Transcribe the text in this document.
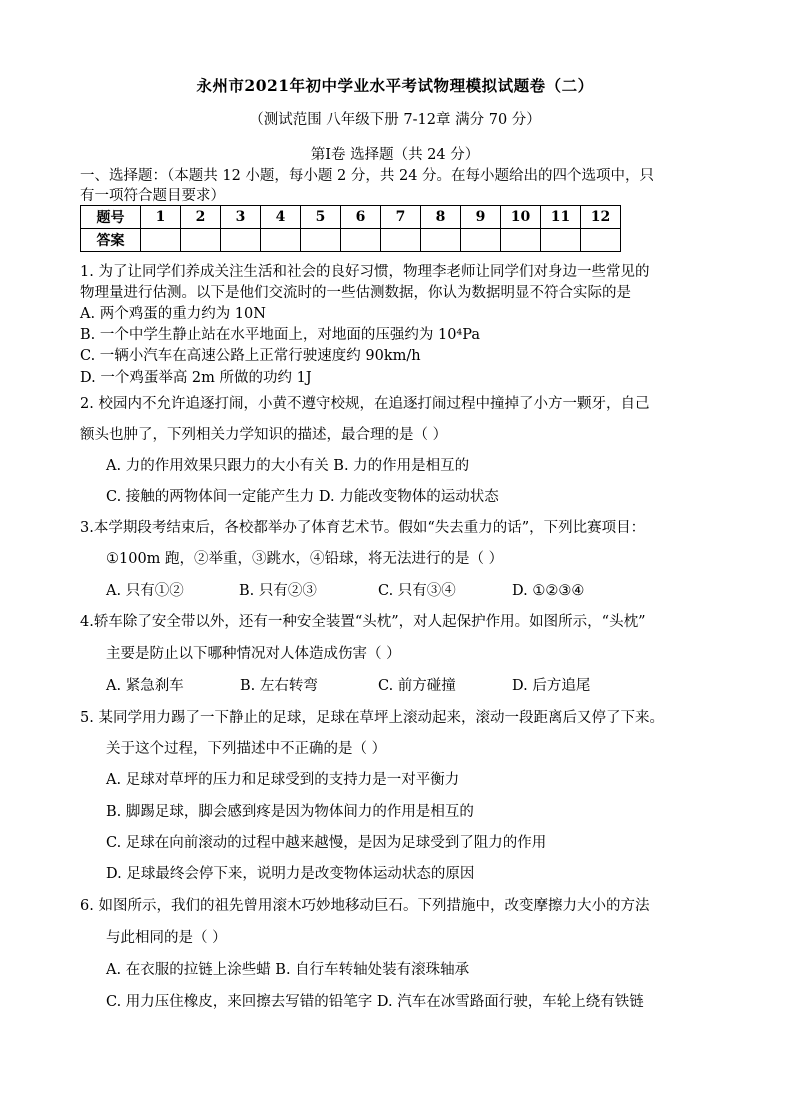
永州市2021年初中学业水平考试物理模拟试题卷（二）
（测试范围 八年级下册 7-12章 满分 70 分）
第Ⅰ卷 选择题（共 24 分）
一、选择题：（本题共 12 小题，每小题 2 分，共 24 分。在每小题给出的四个选项中，只
有一项符合题目要求）
题号	1	2	3	4	5	6	7	8	9	10	11	12
答案												
1. 为了让同学们养成关注生活和社会的良好习惯，物理李老师让同学们对身边一些常见的
物理量进行估测。以下是他们交流时的一些估测数据，你认为数据明显不符合实际的是
A. 两个鸡蛋的重力约为 10N
B. 一个中学生静止站在水平地面上，对地面的压强约为 10⁴Pa
C. 一辆小汽车在高速公路上正常行驶速度约 90km/h
D. 一个鸡蛋举高 2m 所做的功约 1J
2. 校园内不允许追逐打闹，小黄不遵守校规，在追逐打闹过程中撞掉了小方一颗牙，自己
额头也肿了，下列相关力学知识的描述，最合理的是（ ）
A. 力的作用效果只跟力的大小有关 B. 力的作用是相互的
C. 接触的两物体间一定能产生力 D. 力能改变物体的运动状态
3.本学期段考结束后，各校都举办了体育艺术节。假如“失去重力的话”，下列比赛项目：
①100m 跑，②举重，③跳水，④铅球，将无法进行的是（ ）
A. 只有①②	B. 只有②③	C. 只有③④	D. ①②③④
4.轿车除了安全带以外，还有一种安全装置“头枕”，对人起保护作用。如图所示，“头枕”
主要是防止以下哪种情况对人体造成伤害（ ）
A. 紧急刹车	B. 左右转弯	C. 前方碰撞	D. 后方追尾
5. 某同学用力踢了一下静止的足球，足球在草坪上滚动起来，滚动一段距离后又停了下来。
关于这个过程，下列描述中不正确的是（ ）
A. 足球对草坪的压力和足球受到的支持力是一对平衡力
B. 脚踢足球，脚会感到疼是因为物体间力的作用是相互的
C. 足球在向前滚动的过程中越来越慢，是因为足球受到了阻力的作用
D. 足球最终会停下来，说明力是改变物体运动状态的原因
6. 如图所示，我们的祖先曾用滚木巧妙地移动巨石。下列措施中，改变摩擦力大小的方法
与此相同的是（ ）
A. 在衣服的拉链上涂些蜡 B. 自行车转轴处装有滚珠轴承
C. 用力压住橡皮，来回擦去写错的铅笔字 D. 汽车在冰雪路面行驶，车轮上绕有铁链
